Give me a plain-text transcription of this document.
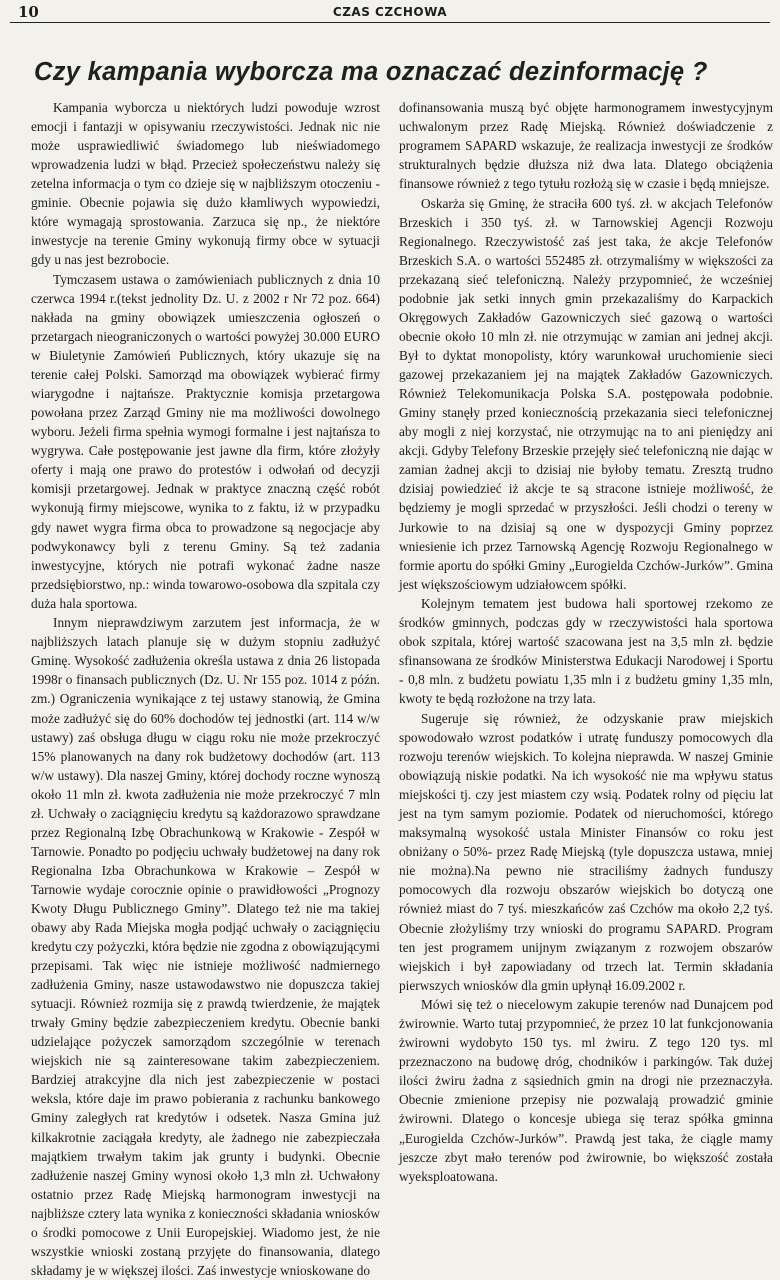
10	CZAS CZCHOWA
Czy kampania wyborcza ma oznaczać dezinformację ?

Kampania wyborcza u niektórych ludzi powoduje wzrost emocji i fantazji w opisywaniu rzeczywistości. Jednak nic nie może usprawiedliwić świadomego lub nieświadomego wprowadzenia ludzi w błąd. Przecież społeczeństwu należy się zetelna informacja o tym co dzieje się w najbliższym otoczeniu - gminie. Obecnie pojawia się dużo kłamliwych wypowiedzi, które wymagają sprostowania. Zarzuca się np., że niektóre inwestycje na terenie Gminy wykonują firmy obce w sytuacji gdy u nas jest bezrobocie.

Tymczasem ustawa o zamówieniach publicznych z dnia 10 czerwca 1994 r.(tekst jednolity Dz. U. z 2002 r Nr 72 poz. 664) nakłada na gminy obowiązek umieszczenia ogłoszeń o przetargach nieograniczonych o wartości powyżej 30.000 EURO w Biuletynie Zamówień Publicznych, który ukazuje się na terenie całej Polski. Samorząd ma obowiązek wybierać firmy wiarygodne i najtańsze. Praktycznie komisja przetargowa powołana przez Zarząd Gminy nie ma możliwości dowolnego wyboru. Jeżeli firma spełnia wymogi formalne i jest najtańsza to wygrywa. Całe postępowanie jest jawne dla firm, które złożyły oferty i mają one prawo do protestów i odwołań od decyzji komisji przetargowej. Jednak w praktyce znaczną część robót wykonują firmy miejscowe, wynika to z faktu, iż w przypadku gdy nawet wygra firma obca to prowadzone są negocjacje aby podwykonawcy byli z terenu Gminy. Są też zadania inwestycyjne, których nie potrafi wykonać żadne nasze przedsiębiorstwo, np.: winda towarowo-osobowa dla szpitala czy duża hala sportowa.

Innym nieprawdziwym zarzutem jest informacja, że w najbliższych latach planuje się w dużym stopniu zadłużyć Gminę. Wysokość zadłużenia określa ustawa z dnia 26 listopada 1998r o finansach publicznych (Dz. U. Nr 155 poz. 1014 z późn. zm.) Ograniczenia wynikające z tej ustawy stanowią, że Gmina może zadłużyć się do 60% dochodów tej jednostki (art. 114 w/w ustawy) zaś obsługa długu w ciągu roku nie może przekroczyć 15% planowanych na dany rok budżetowy dochodów (art. 113 w/w ustawy). Dla naszej Gminy, której dochody roczne wynoszą około 11 mln zł. kwota zadłużenia nie może przekroczyć 7 mln zł. Uchwały o zaciągnięciu kredytu są każdorazowo sprawdzane przez Regionalną Izbę Obrachunkową w Krakowie - Zespół w Tarnowie. Ponadto po podjęciu uchwały budżetowej na dany rok Regionalna Izba Obrachunkowa w Krakowie – Zespół w Tarnowie wydaje corocznie opinie o prawidłowości „Prognozy Kwoty Długu Publicznego Gminy”. Dlatego też nie ma takiej obawy aby Rada Miejska mogła podjąć uchwały o zaciągnięciu kredytu czy pożyczki, która będzie nie zgodna z obowiązującymi przepisami. Tak więc nie istnieje możliwość nadmiernego zadłużenia Gminy, nasze ustawodawstwo nie dopuszcza takiej sytuacji. Również rozmija się z prawdą twierdzenie, że majątek trwały Gminy będzie zabezpieczeniem kredytu. Obecnie banki udzielające pożyczek samorządom szczególnie w terenach wiejskich nie są zainteresowane takim zabezpieczeniem. Bardziej atrakcyjne dla nich jest zabezpieczenie w postaci weksla, które daje im prawo pobierania z rachunku bankowego Gminy zaległych rat kredytów i odsetek. Nasza Gmina już kilkakrotnie zaciągała kredyty, ale żadnego nie zabezpieczała majątkiem trwałym takim jak grunty i budynki. Obecnie zadłużenie naszej Gminy wynosi około 1,3 mln zł. Uchwałony ostatnio przez Radę Miejską harmonogram inwestycji na najbliższe cztery lata wynika z konieczności składania wniosków o środki pomocowe z Unii Europejskiej. Wiadomo jest, że nie wszystkie wnioski zostaną przyjęte do finansowania, dlatego składamy je w większej ilości. Zaś inwestycje wnioskowane do

dofinansowania muszą być objęte harmonogramem inwestycyjnym uchwalonym przez Radę Miejską. Również doświadczenie z programem SAPARD wskazuje, że realizacja inwestycji ze środków strukturalnych będzie dłuższa niż dwa lata. Dlatego obciążenia finansowe również z tego tytułu rozłożą się w czasie i będą mniejsze.

Oskarża się Gminę, że straciła 600 tyś. zł. w akcjach Telefonów Brzeskich i 350 tyś. zł. w Tarnowskiej Agencji Rozwoju Regionalnego. Rzeczywistość zaś jest taka, że akcje Telefonów Brzeskich S.A. o wartości 552485 zł. otrzymaliśmy w większości za przekazaną sieć telefoniczną. Należy przypomnieć, że wcześniej podobnie jak setki innych gmin przekazaliśmy do Karpackich Okręgowych Zakładów Gazowniczych sieć gazową o wartości obecnie około 10 mln zł. nie otrzymując w zamian ani jednej akcji. Był to dyktat monopolisty, który warunkował uruchomienie sieci gazowej przekazaniem jej na majątek Zakładów Gazowniczych. Również Telekomunikacja Polska S.A. postępowała podobnie. Gminy stanęły przed koniecznością przekazania sieci telefonicznej aby mogli z niej korzystać, nie otrzymując na to ani pieniędzy ani akcji. Gdyby Telefony Brzeskie przejęły sieć telefoniczną nie dając w zamian żadnej akcji to dzisiaj nie byłoby tematu. Zresztą trudno dzisiaj powiedzieć iż akcje te są stracone istnieje możliwość, że będziemy je mogli sprzedać w przyszłości. Jeśli chodzi o tereny w Jurkowie to na dzisiaj są one w dyspozycji Gminy poprzez wniesienie ich przez Tarnowską Agencję Rozwoju Regionalnego w formie aportu do spółki Gminy „Eurogielda Czchów-Jurków”. Gmina jest większościowym udziałowcem spółki.

Kolejnym tematem jest budowa hali sportowej rzekomo ze środków gminnych, podczas gdy w rzeczywistości hala sportowa obok szpitala, której wartość szacowana jest na 3,5 mln zł. będzie sfinansowana ze środków Ministerstwa Edukacji Narodowej i Sportu - 0,8 mln. z budżetu powiatu 1,35 mln i z budżetu gminy 1,35 mln, kwoty te będą rozłożone na trzy lata.

Sugeruje się również, że odzyskanie praw miejskich spowodowało wzrost podatków i utratę funduszy pomocowych dla rozwoju terenów wiejskich. To kolejna nieprawda. W naszej Gminie obowiązują niskie podatki. Na ich wysokość nie ma wpływu status miejskości tj. czy jest miastem czy wsią. Podatek rolny od pięciu lat jest na tym samym poziomie. Podatek od nieruchomości, którego maksymalną wysokość ustala Minister Finansów co roku jest obniżany o 50%- przez Radę Miejską (tyle dopuszcza ustawa, mniej nie można).Na pewno nie straciliśmy żadnych funduszy pomocowych dla rozwoju obszarów wiejskich bo dotyczą one również miast do 7 tyś. mieszkańców zaś Czchów ma około 2,2 tyś. Obecnie złożyliśmy trzy wnioski do programu SAPARD. Program ten jest programem unijnym związanym z rozwojem obszarów wiejskich i był zapowiadany od trzech lat. Termin składania pierwszych wniosków dla gmin upłynął 16.09.2002 r.

Mówi się też o niecelowym zakupie terenów nad Dunajcem pod żwirownie. Warto tutaj przypomnieć, że przez 10 lat funkcjonowania żwirowni wydobyto 150 tys. ml żwiru. Z tego 120 tys. ml przeznaczono na budowę dróg, chodników i parkingów. Tak dużej ilości żwiru żadna z sąsiednich gmin na drogi nie przeznaczyła. Obecnie zmienione przepisy nie pozwalają prowadzić gminie żwirowni. Dlatego o koncesje ubiega się teraz spółka gminna „Eurogielda Czchów-Jurków”. Prawdą jest taka, że ciągle mamy jeszcze zbyt mało terenów pod żwirownie, bo większość została wyeksploatowana.
